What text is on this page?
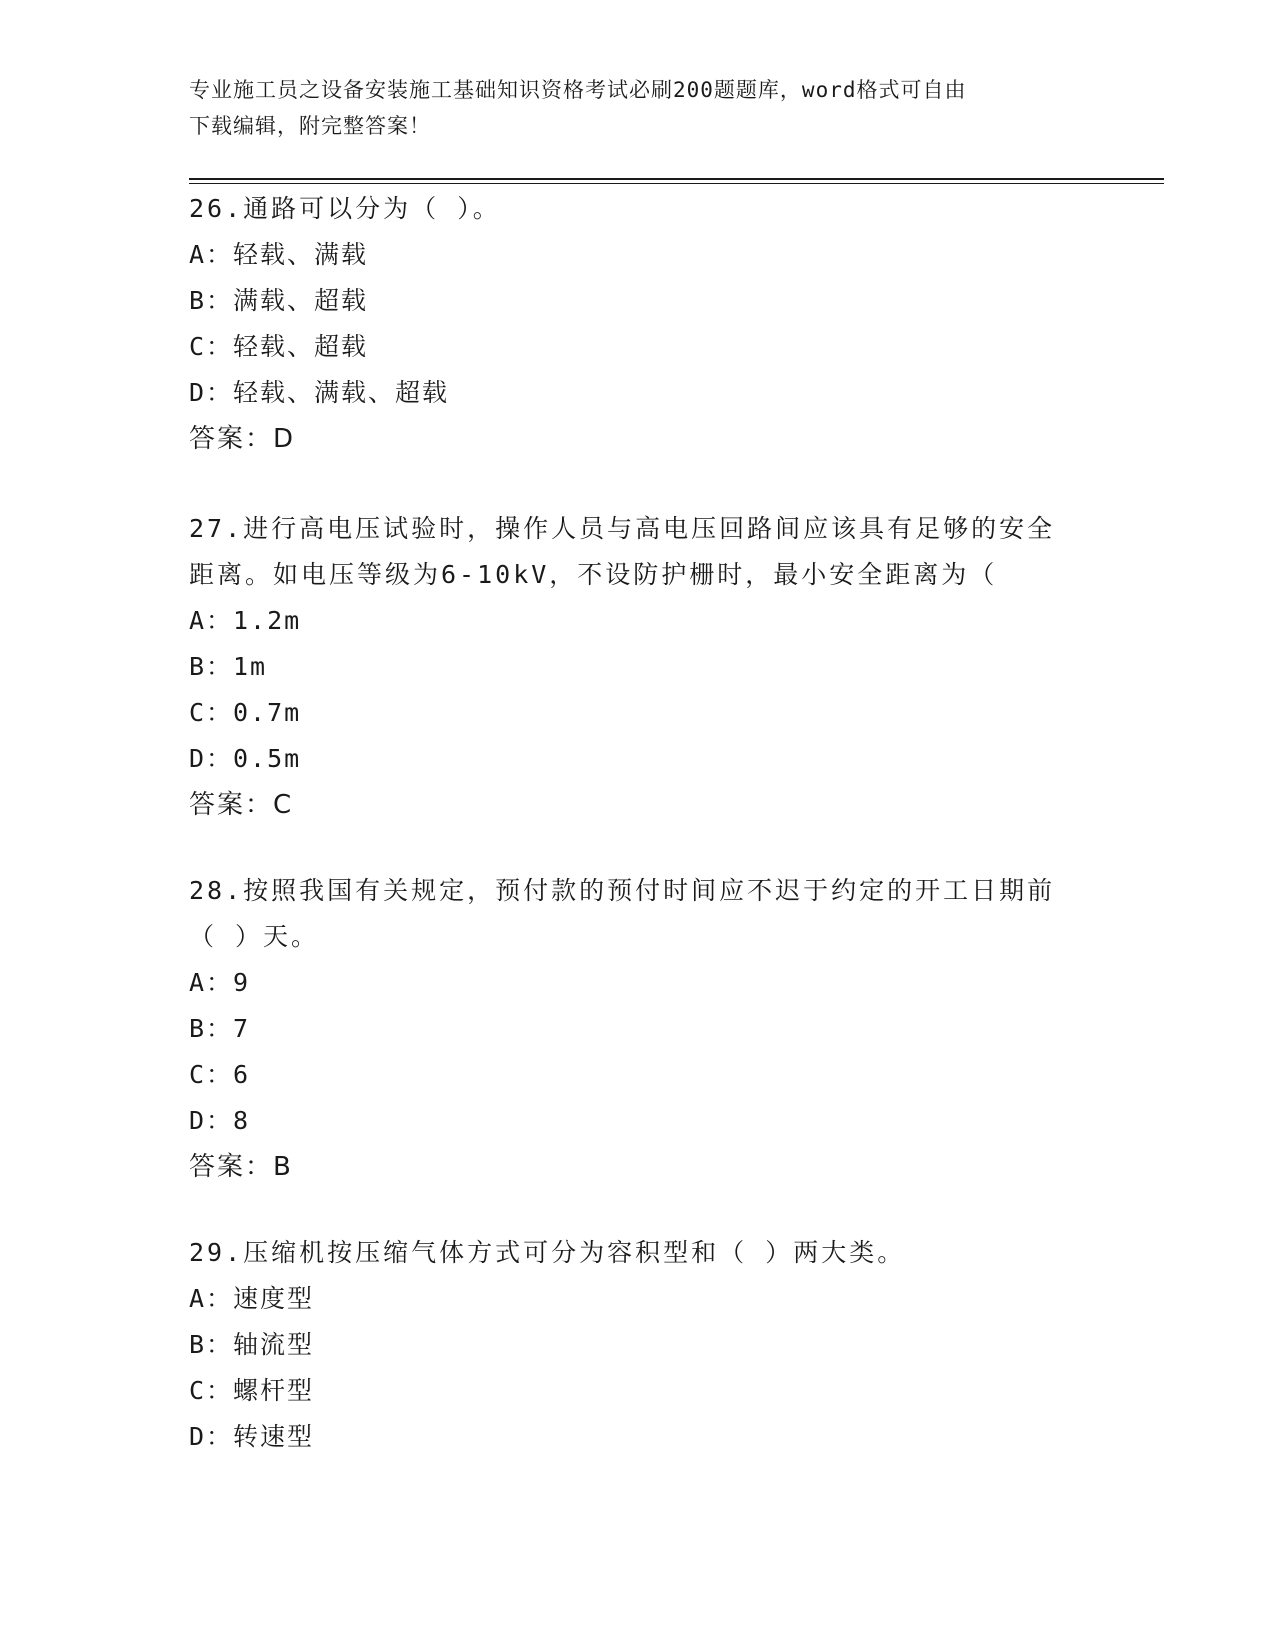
专业施工员之设备安装施工基础知识资格考试必刷200题题库，word格式可自由
下载编辑，附完整答案！

26.通路可以分为（ ）。

A：轻载、满载

B：满载、超载

C：轻载、超载

D：轻载、满载、超载

答案：D

27.进行高电压试验时，操作人员与高电压回路间应该具有足够的安全

距离。如电压等级为6-10kV，不设防护栅时，最小安全距离为（

A：1.2m

B：1m

C：0.7m

D：0.5m

答案：C

28.按照我国有关规定，预付款的预付时间应不迟于约定的开工日期前

（ ）天。

A：9

B：7

C：6

D：8

答案：B

29.压缩机按压缩气体方式可分为容积型和（ ）两大类。

A：速度型

B：轴流型

C：螺杆型

D：转速型
